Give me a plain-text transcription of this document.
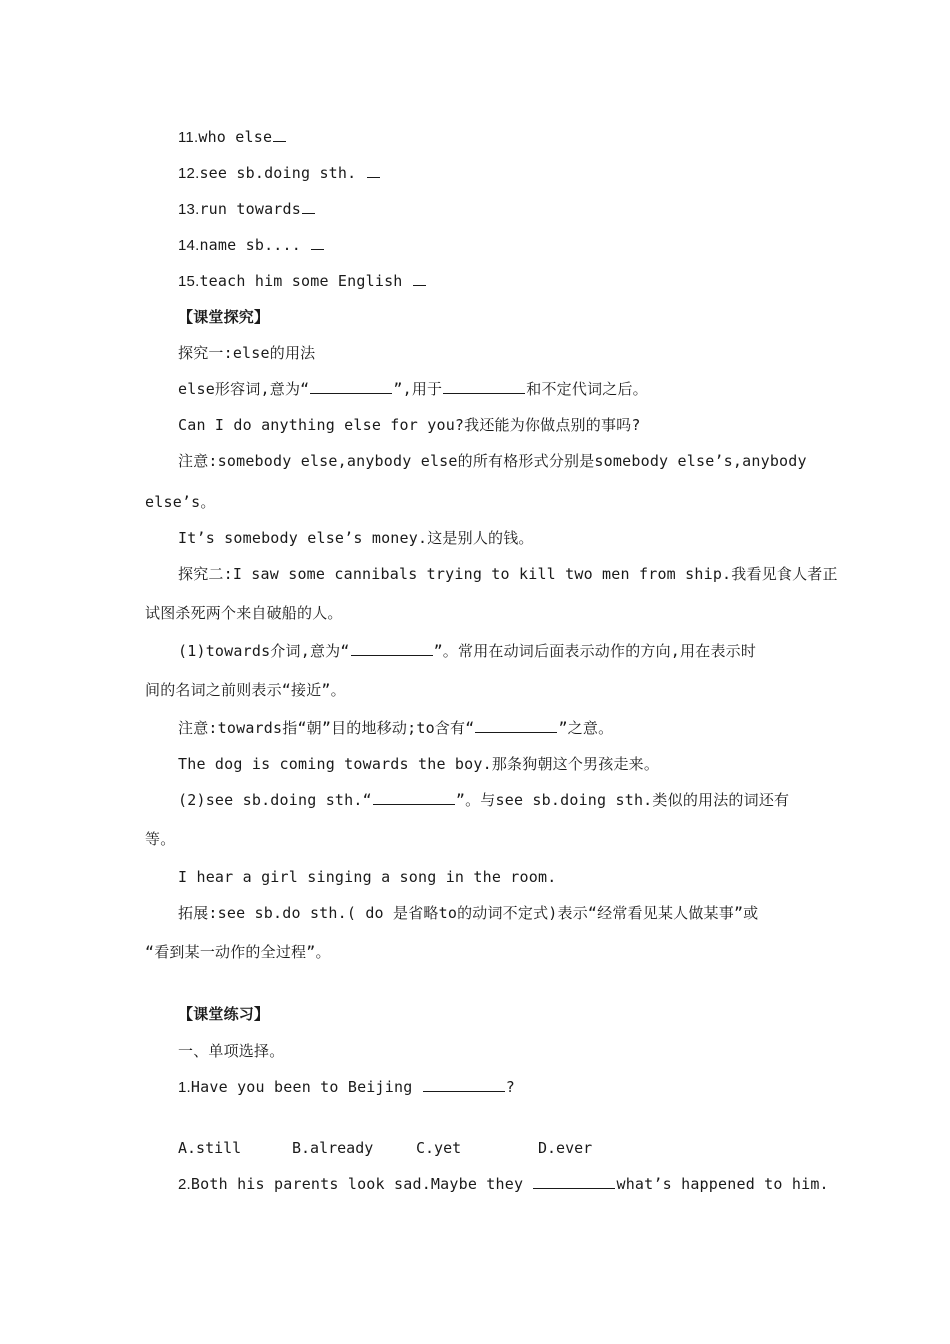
11.who else
12.see sb.doing sth.
13.run towards
14.name sb....
15.teach him some English
【课堂探究】
探究一:else的用法
else形容词,意为“	”,用于	和不定代词之后。
Can I do anything else for you?我还能为你做点别的事吗?
注意:somebody else,anybody else的所有格形式分别是somebody else’s,anybody
else’s。
It’s somebody else’s money.这是别人的钱。
探究二:I saw some cannibals trying to kill two men from ship.我看见食人者正
试图杀死两个来自破船的人。
(1)towards介词,意为“	”。常用在动词后面表示动作的方向,用在表示时
间的名词之前则表示“接近”。
注意:towards指“朝”目的地移动;to含有“	”之意。
The dog is coming towards the boy.那条狗朝这个男孩走来。
(2)see sb.doing sth.“	”。与see sb.doing sth.类似的用法的词还有
等。
I hear a girl singing a song in the room.
拓展:see sb.do sth.( do 是省略to的动词不定式)表示“经常看见某人做某事”或
“看到某一动作的全过程”。
【课堂练习】
一、单项选择。
1.Have you been to Beijing	?
A.still	B.already	C.yet	D.ever
2.Both his parents look sad.Maybe they	what’s happened to him.
